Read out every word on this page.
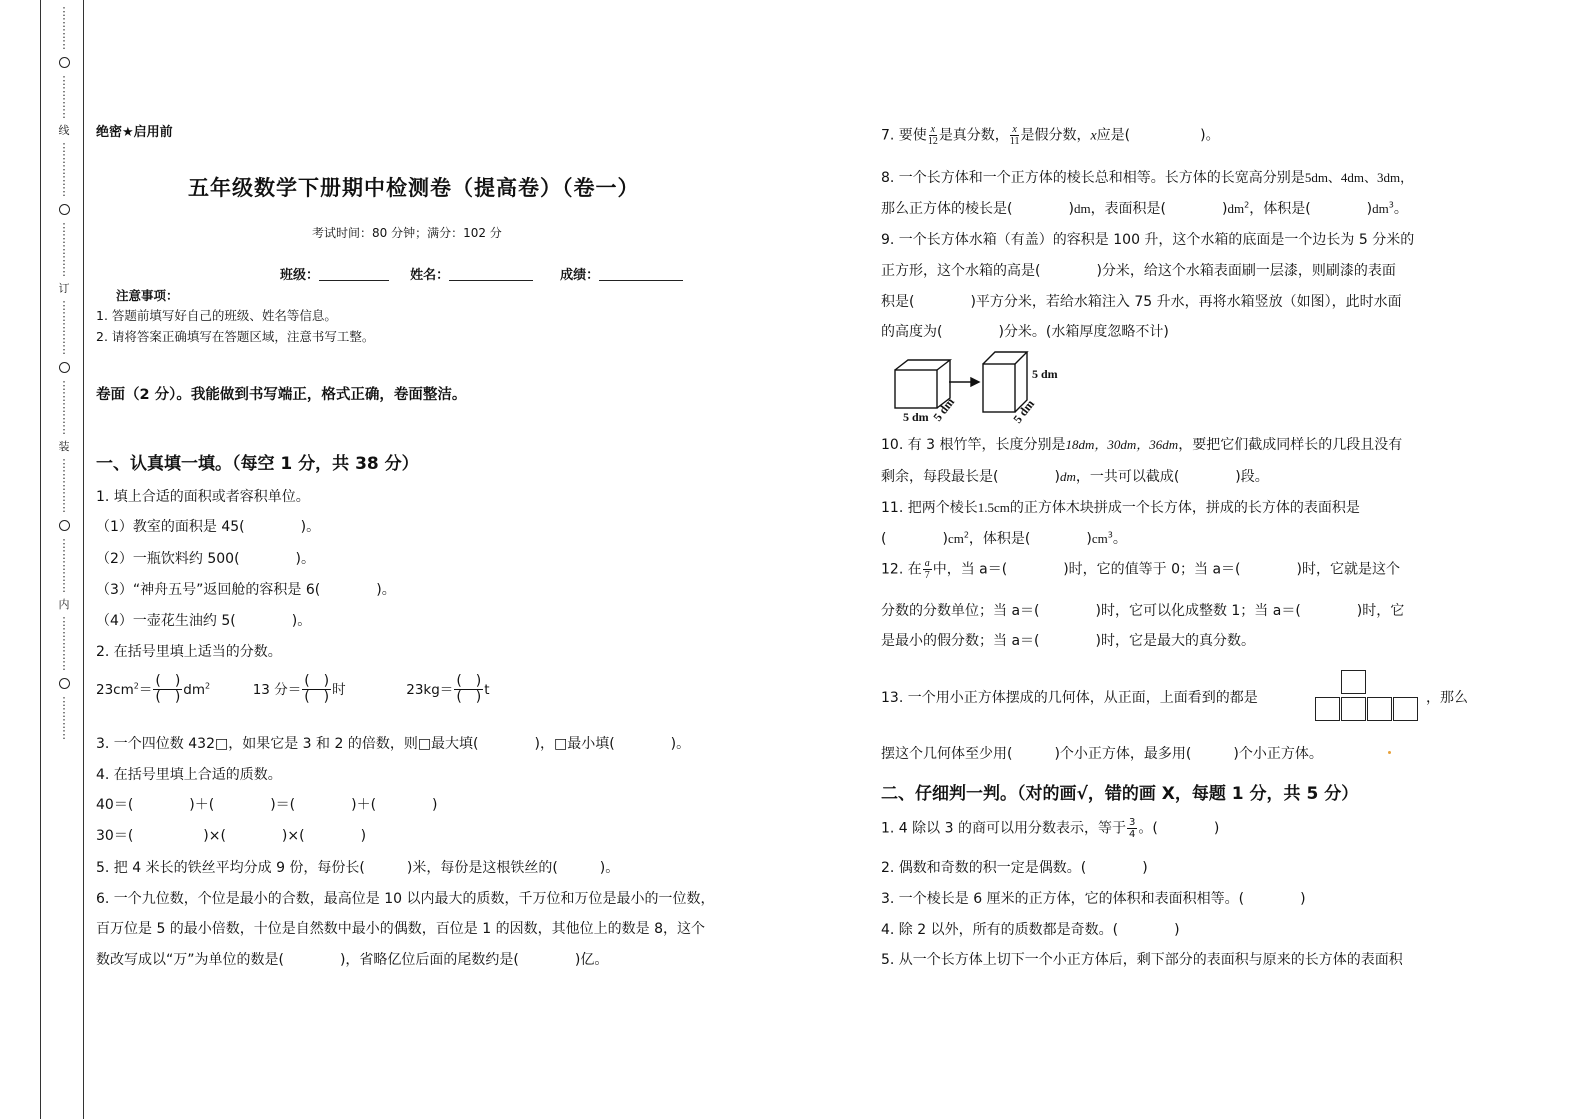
⋮
⋮
⋮
⋮
⋮
⋮
⋮
⋮
线
⋮
⋮
⋮
⋮
⋮
⋮
⋮
⋮
⋮
⋮
订
⋮
⋮
⋮
⋮
⋮
⋮
⋮
⋮
⋮
⋮
装
⋮
⋮
⋮
⋮
⋮
⋮
⋮
⋮
⋮
⋮
内
⋮
⋮
⋮
⋮
⋮
⋮
⋮
⋮
⋮
绝密★启用前
五年级数学下册期中检测卷（提高卷）（卷一）
考试时间：80 分钟；满分：102 分
班级：	姓名：	成绩：
注意事项：
1. 答题前填写好自己的班级、姓名等信息。
2. 请将答案正确填写在答题区域，注意书写工整。
卷面（2 分）。我能做到书写端正，格式正确，卷面整洁。
一、认真填一填。（每空 1 分，共 38 分）
1. 填上合适的面积或者容积单位。
（1）教室的面积是 45(　　　　)。
（2）一瓶饮料约 500(　　　　)。
（3）“神舟五号”返回舱的容积是 6(　　　　)。
（4）一壶花生油约 5(　　　　)。
2. 在括号里填上适当的分数。
$23cm^2= \frac{( )}{( )} dm^2$	13 分＝ $\frac{( )}{( )}$ 时	$23kg= \frac{( )}{( )}$ t
3. 一个四位数 432□，如果它是 3 和 2 的倍数，则□最大填(　　　　)，□最小填(　　　　)。
4. 在括号里填上合适的质数。
40＝(　　　　)＋(　　　　)＝(　　　　)＋(　　　　)
30＝(　　　　　)×(　　　　)×(　　　　)
5. 把 4 米长的铁丝平均分成 9 份，每份长(　　　)米，每份是这根铁丝的(　　　)。
6. 一个九位数，个位是最小的合数，最高位是 10 以内最大的质数，千万位和万位是最小的一位数，
百万位是 5 的最小倍数，十位是自然数中最小的偶数，百位是 1 的因数，其他位上的数是 8，这个
数改写成以“万”为单位的数是(　　　　)，省略亿位后面的尾数约是(　　　　)亿。
7. 要使 $\frac{x}{12}$ 是真分数， $\frac{x}{11}$ 是假分数，x应是(　　　　　)。
8. 一个长方体和一个正方体的棱长总和相等。长方体的长宽高分别是5dm、4dm、3dm，
那么正方体的棱长是(　　　　)dm，表面积是(　　　　)$dm^2$，体积是(　　　　)$dm^3$。
9. 一个长方体水箱（有盖）的容积是 100 升，这个水箱的底面是一个边长为 5 分米的
正方形，这个水箱的高是(　　　　)分米，给这个水箱表面刷一层漆，则刷漆的表面
积是(　　　　)平方分米，若给水箱注入 75 升水，再将水箱竖放（如图），此时水面
的高度为(　　　　)分米。(水箱厚度忽略不计)
5 dm
5 dm
5 dm	5 dm
10. 有 3 根竹竿，长度分别是18dm，30dm，36dm，要把它们截成同样长的几段且没有
剩余，每段最长是(　　　　)dm，一共可以截成(　　　　)段。
11. 把两个棱长1.5cm的正方体木块拼成一个长方体，拼成的长方体的表面积是
(　　　　)$cm^2$，体积是(　　　　)$cm^3$。
12. 在 $\frac{a}{7}$ 中，当 a＝(　　　　)时，它的值等于 0；当 a＝(　　　　)时，它就是这个
分数的分数单位；当 a＝(　　　　)时，它可以化成整数 1；当 a＝(　　　　)时，它
是最小的假分数；当 a＝(　　　　)时，它是最大的真分数。
13. 一个用小正方体摆成的几何体，从正面，上面看到的都是	，那么
摆这个几何体至少用(　　　)个小正方体，最多用(　　　)个小正方体。
二、仔细判一判。（对的画√，错的画 X，每题 1 分，共 5 分）
1. 4 除以 3 的商可以用分数表示，等于 $\frac{3}{4}$ 。(　　　　)
2. 偶数和奇数的积一定是偶数。(　　　　)
3. 一个棱长是 6 厘米的正方体，它的体积和表面积相等。(　　　　)
4. 除 2 以外，所有的质数都是奇数。(　　　　)
5. 从一个长方体上切下一个小正方体后，剩下部分的表面积与原来的长方体的表面积
